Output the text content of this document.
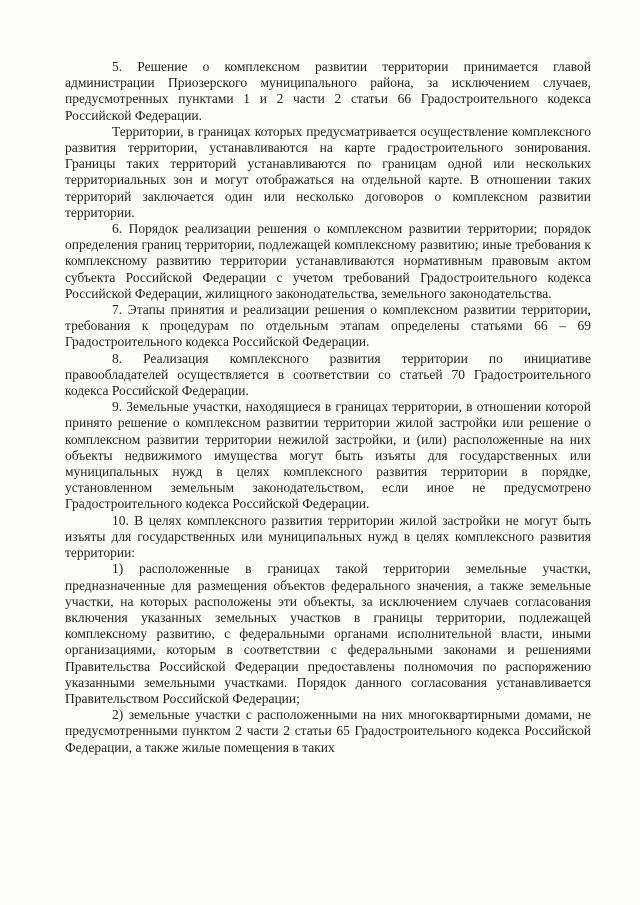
5. Решение о комплексном развитии территории принимается главой администрации Приозерского муниципального района, за исключением случаев, предусмотренных пунктами 1 и 2 части 2 статьи 66 Градостроительного кодекса Российской Федерации.

Территории, в границах которых предусматривается осуществление комплексного развития территории, устанавливаются на карте градостроительного зонирования. Границы таких территорий устанавливаются по границам одной или нескольких территориальных зон и могут отображаться на отдельной карте. В отношении таких территорий заключается один или несколько договоров о комплексном развитии территории.

6. Порядок реализации решения о комплексном развитии территории; порядок определения границ территории, подлежащей комплексному развитию; иные требования к комплексному развитию территории устанавливаются нормативным правовым актом субъекта Российской Федерации с учетом требований Градостроительного кодекса Российской Федерации, жилищного законодательства, земельного законодательства.

7. Этапы принятия и реализации решения о комплексном развитии территории, требования к процедурам по отдельным этапам определены статьями 66 – 69 Градостроительного кодекса Российской Федерации.

8. Реализация комплексного развития территории по инициативе правообладателей осуществляется в соответствии со статьей 70 Градостроительного кодекса Российской Федерации.

9. Земельные участки, находящиеся в границах территории, в отношении которой принято решение о комплексном развитии территории жилой застройки или решение о комплексном развитии территории нежилой застройки, и (или) расположенные на них объекты недвижимого имущества могут быть изъяты для государственных или муниципальных нужд в целях комплексного развития территории в порядке, установленном земельным законодательством, если иное не предусмотрено Градостроительного кодекса Российской Федерации.

10. В целях комплексного развития территории жилой застройки не могут быть изъяты для государственных или муниципальных нужд в целях комплексного развития территории:

1) расположенные в границах такой территории земельные участки, предназначенные для размещения объектов федерального значения, а также земельные участки, на которых расположены эти объекты, за исключением случаев согласования включения указанных земельных участков в границы территории, подлежащей комплексному развитию, с федеральными органами исполнительной власти, иными организациями, которым в соответствии с федеральными законами и решениями Правительства Российской Федерации предоставлены полномочия по распоряжению указанными земельными участками. Порядок данного согласования устанавливается Правительством Российской Федерации;

2) земельные участки с расположенными на них многоквартирными домами, не предусмотренными пунктом 2 части 2 статьи 65 Градостроительного кодекса Российской Федерации, а также жилые помещения в таких
